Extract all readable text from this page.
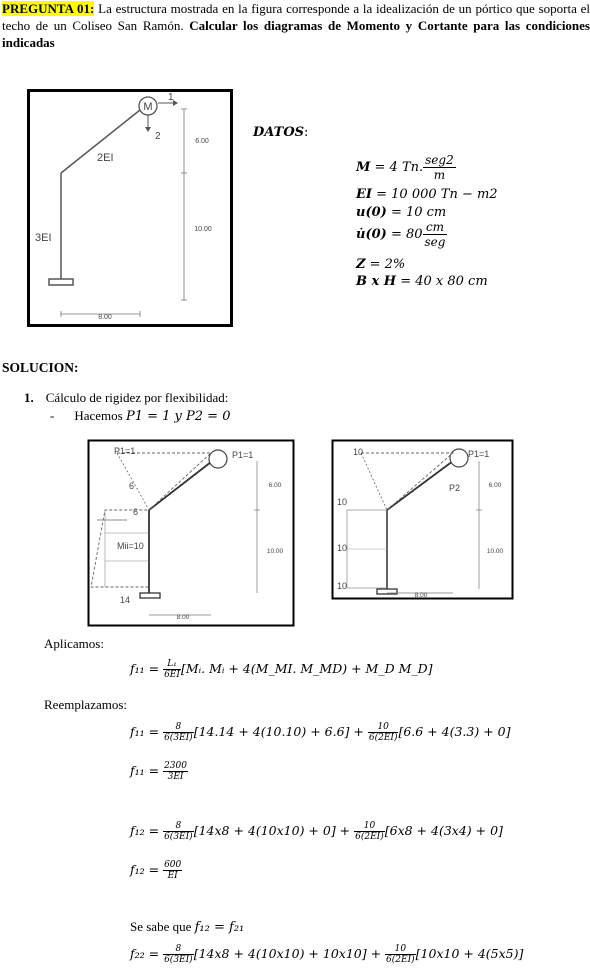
PREGUNTA 01: La estructura mostrada en la figura corresponde a la idealización de un pórtico que soporta el techo de un Coliseo San Ramón. Calcular los diagramas de Momento y Cortante para las condiciones indicadas
M
1
2
2EI
3EI
6.00
10.00
8.00
DATOS:
M = 4 Tn. seg2
m
EI = 10 000 Tn − m2
u(0) = 10 cm
u̇(0) = 80 cm
seg
Z = 2%
B x H = 40 x 80 cm
SOLUCION:
1. Cálculo de rigidez por flexibilidad:
- Hacemos P1 = 1 y P2 = 0
P1=1	P1=1
6
6
Mii=10
14
6.00
10.00
8.00
10	P1=1
P2
10
10
10
6.00
10.00
8.00
Aplicamos:
$f_{11} = \frac{\text{L₁}}{6EI}$ [Mᵢ. Mᵢ + 4(M_MI. M_MD) + M_D M_D]
Reemplazamos:
$f_{11} = \frac{8}{6(3EI)} [14.14 + 4(10.10) + 6.6] + \frac{10}{6(2EI)} [6.6 + 4(3.3) + 0]$
$f_{11} = \frac{2300}{3EI}$
$f_{12} = \frac{8}{6(3EI)} [14x8 + 4(10x10) + 0] + \frac{10}{6(2EI)} [6x8 + 4(3x4) + 0]$
$f_{12} = \frac{600}{EI}$
Se sabe que f₁₂ = f₂₁
$f_{22} = \frac{8}{6(3EI)} [14x8 + 4(10x10) + 10x10] + \frac{10}{6(2EI)} [10x10 + 4(5x5)]$
